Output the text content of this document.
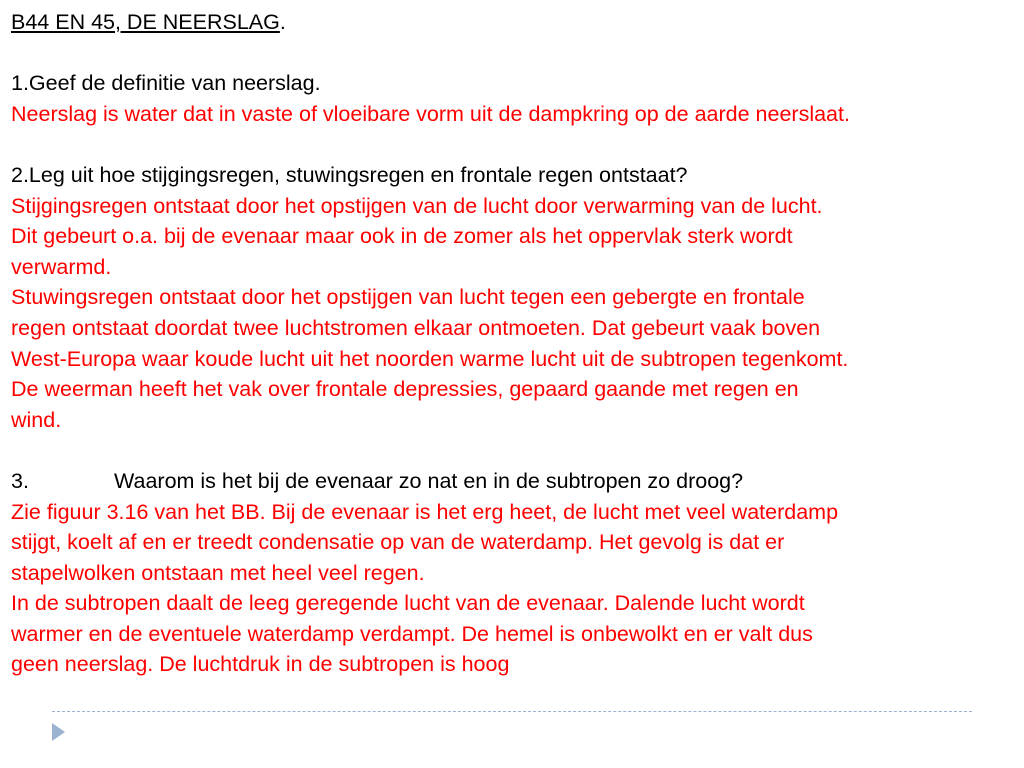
B44 EN 45, DE NEERSLAG.
1.Geef de definitie van neerslag.
Neerslag is water dat in vaste of vloeibare vorm uit de dampkring op de aarde neerslaat.
2.Leg uit hoe stijgingsregen, stuwingsregen en frontale regen ontstaat?
Stijgingsregen ontstaat door het opstijgen van de lucht door verwarming van de lucht.
Dit gebeurt o.a. bij de evenaar maar ook in de zomer als het oppervlak sterk wordt
verwarmd.
Stuwingsregen ontstaat door het opstijgen van lucht tegen een gebergte en frontale
regen ontstaat doordat twee luchtstromen elkaar ontmoeten. Dat gebeurt vaak boven
West-Europa waar koude lucht uit het noorden warme lucht uit de subtropen tegenkomt.
De weerman heeft het vak over frontale depressies, gepaard gaande met regen en
wind.
3.	Waarom is het bij de evenaar zo nat en in de subtropen zo droog?
Zie figuur 3.16 van het BB. Bij de evenaar is het erg heet, de lucht met veel waterdamp
stijgt, koelt af en er treedt condensatie op van de waterdamp. Het gevolg is dat er
stapelwolken ontstaan met heel veel regen.
In de subtropen daalt de leeg geregende lucht van de evenaar. Dalende lucht wordt
warmer en de eventuele waterdamp verdampt. De hemel is onbewolkt en er valt dus
geen neerslag. De luchtdruk in de subtropen is hoog
